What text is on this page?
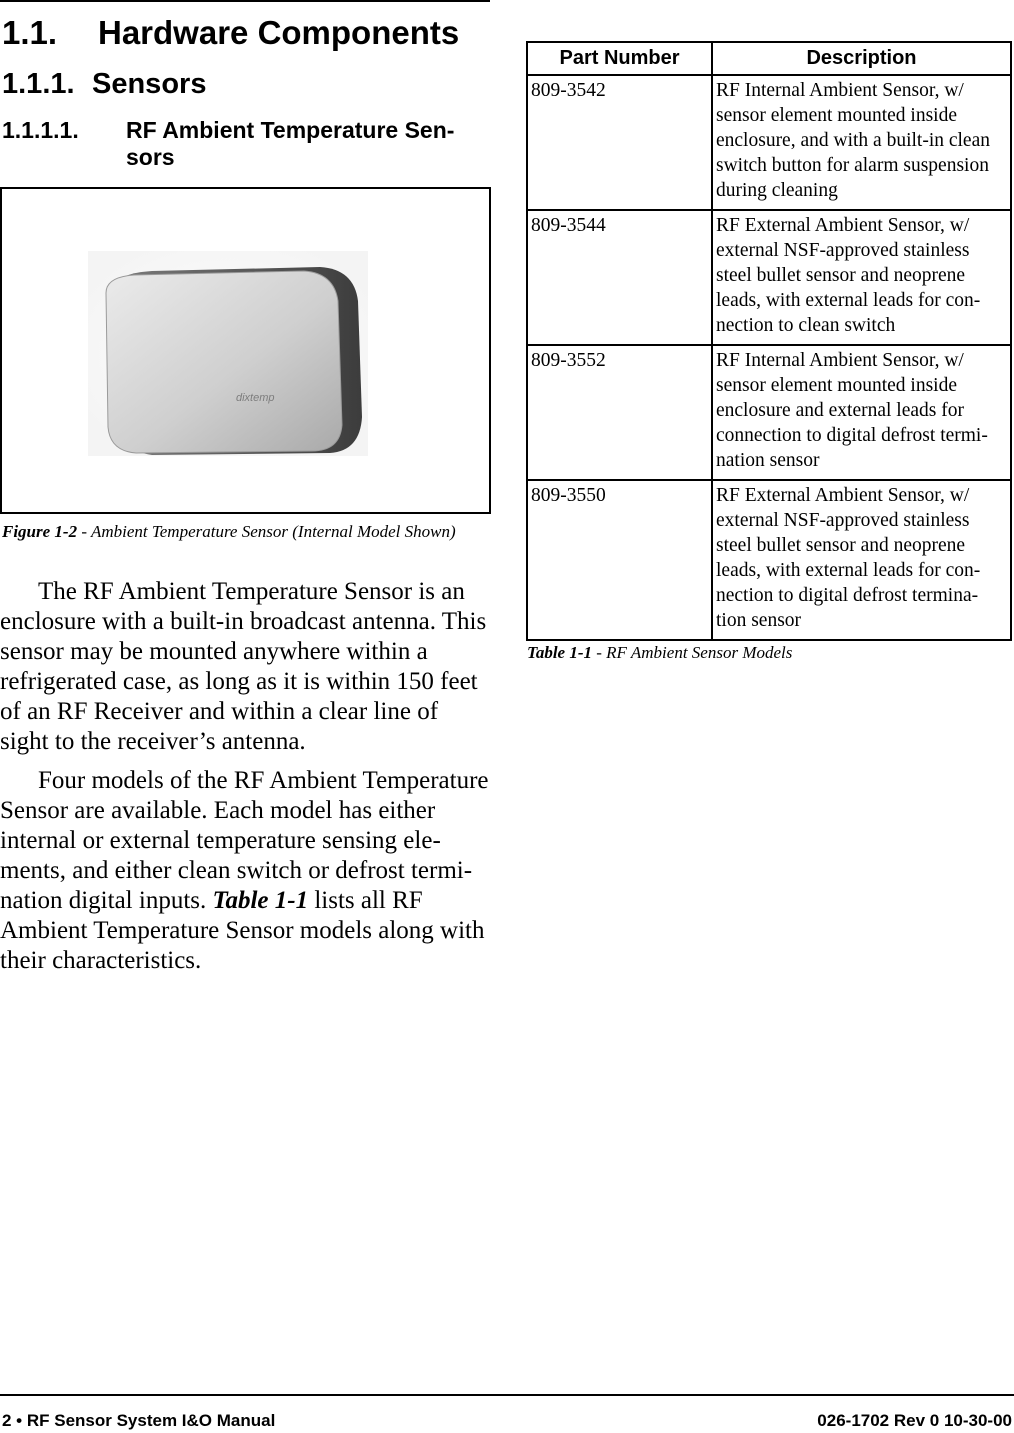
1.1. Hardware Components
1.1.1. Sensors
1.1.1.1.	RF Ambient Temperature Sen-sors
dixtemp
Figure 1-2 - Ambient Temperature Sensor (Internal Model Shown)

The RF Ambient Temperature Sensor is an enclosure with a built-in broadcast antenna. This sensor may be mounted anywhere within a refrigerated case, as long as it is within 150 feet of an RF Receiver and within a clear line of sight to the receiver’s antenna.

Four models of the RF Ambient Temperature Sensor are available. Each model has either internal or external temperature sensing ele-ments, and either clean switch or defrost termi-nation digital inputs. Table 1-1 lists all RF Ambient Temperature Sensor models along with their characteristics.

Part Number	Description
809-3542	RF Internal Ambient Sensor, w/ sensor element mounted inside enclosure, and with a built-in clean switch button for alarm suspension during cleaning
809-3544	RF External Ambient Sensor, w/ external NSF-approved stainless steel bullet sensor and neoprene leads, with external leads for con-nection to clean switch
809-3552	RF Internal Ambient Sensor, w/ sensor element mounted inside enclosure and external leads for connection to digital defrost termi-nation sensor
809-3550	RF External Ambient Sensor, w/ external NSF-approved stainless steel bullet sensor and neoprene leads, with external leads for con-nection to digital defrost termina-tion sensor
Table 1-1 - RF Ambient Sensor Models
2 • RF Sensor System I&O Manual	026-1702 Rev 0 10-30-00
